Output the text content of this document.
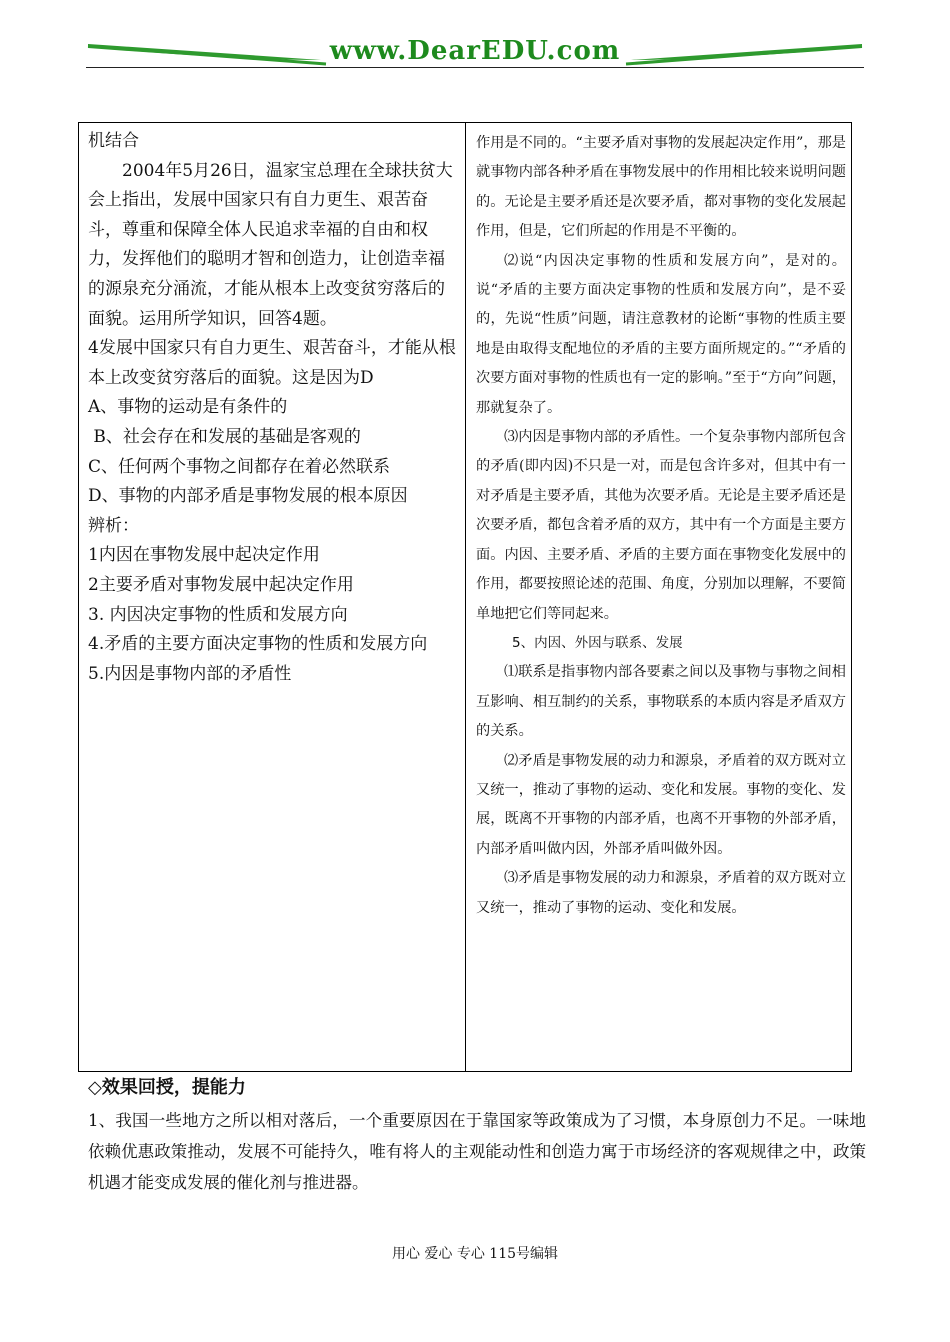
www.DearEDU.com

机结合

2004年5月26日，温家宝总理在全球扶贫大会上指出，发展中国家只有自力更生、艰苦奋斗，尊重和保障全体人民追求幸福的自由和权力，发挥他们的聪明才智和创造力，让创造幸福的源泉充分涌流，才能从根本上改变贫穷落后的面貌。运用所学知识，回答4题。

4发展中国家只有自力更生、艰苦奋斗，才能从根本上改变贫穷落后的面貌。这是因为D

A、事物的运动是有条件的

B、社会存在和发展的基础是客观的

C、任何两个事物之间都存在着必然联系

D、事物的内部矛盾是事物发展的根本原因

辨析：

1内因在事物发展中起决定作用

2主要矛盾对事物发展中起决定作用

3. 内因决定事物的性质和发展方向

4.矛盾的主要方面决定事物的性质和发展方向

5.内因是事物内部的矛盾性

作用是不同的。“主要矛盾对事物的发展起决定作用”，那是就事物内部各种矛盾在事物发展中的作用相比较来说明问题的。无论是主要矛盾还是次要矛盾，都对事物的变化发展起作用，但是，它们所起的作用是不平衡的。

⑵说“内因决定事物的性质和发展方向”，是对的。说“矛盾的主要方面决定事物的性质和发展方向”，是不妥的，先说“性质”问题，请注意教材的论断“事物的性质主要地是由取得支配地位的矛盾的主要方面所规定的。”“矛盾的次要方面对事物的性质也有一定的影响。”至于“方向”问题，那就复杂了。

⑶内因是事物内部的矛盾性。一个复杂事物内部所包含的矛盾(即内因)不只是一对，而是包含许多对，但其中有一对矛盾是主要矛盾，其他为次要矛盾。无论是主要矛盾还是次要矛盾，都包含着矛盾的双方，其中有一个方面是主要方面。内因、主要矛盾、矛盾的主要方面在事物变化发展中的作用，都要按照论述的范围、角度，分别加以理解，不要简单地把它们等同起来。

5、内因、外因与联系、发展

⑴联系是指事物内部各要素之间以及事物与事物之间相互影响、相互制约的关系，事物联系的本质内容是矛盾双方的关系。

⑵矛盾是事物发展的动力和源泉，矛盾着的双方既对立又统一，推动了事物的运动、变化和发展。事物的变化、发展，既离不开事物的内部矛盾，也离不开事物的外部矛盾，内部矛盾叫做内因，外部矛盾叫做外因。

⑶矛盾是事物发展的动力和源泉，矛盾着的双方既对立又统一，推动了事物的运动、变化和发展。

◇效果回授，提能力

1、我国一些地方之所以相对落后，一个重要原因在于靠国家等政策成为了习惯，本身原创力不足。一味地依赖优惠政策推动，发展不可能持久，唯有将人的主观能动性和创造力寓于市场经济的客观规律之中，政策机遇才能变成发展的催化剂与推进器。

用心 爱心 专心 115号编辑
